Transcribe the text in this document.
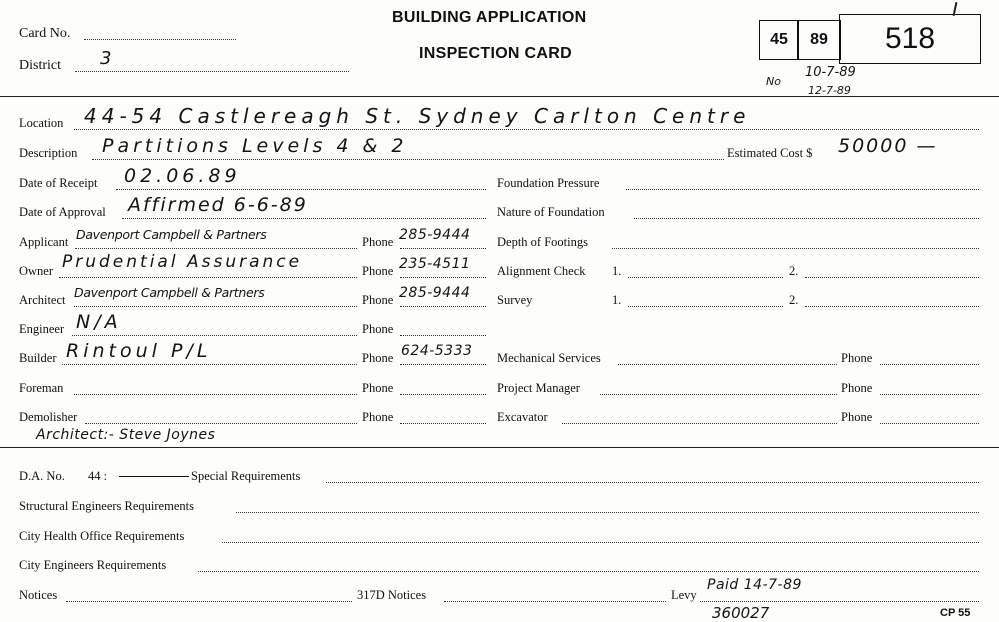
Card No.
District 3
BUILDING APPLICATION
INSPECTION CARD
45	89	518
No
10-7-89
12-7-89
Location 44-54 Castlereagh St. Sydney Carlton Centre
Description Partitions Levels 4 & 2	Estimated Cost $ 50000 —
Date of Receipt 02.06.89
Date of Approval Affirmed 6-6-89
Applicant Davenport Campbell & Partners	Phone 285-9444
Owner Prudential Assurance	Phone 235-4511
Architect Davenport Campbell & Partners	Phone 285-9444
Engineer N/A	Phone
Builder Rintoul P/L	Phone 624-5333
Foreman	Phone
Demolisher	Phone
Architect:- Steve Joynes
Foundation Pressure
Nature of Foundation
Depth of Footings
Alignment Check 1.	2.
Survey	1.	2.
Mechanical Services	Phone
Project Manager	Phone
Excavator	Phone
D.A. No. 44 :	Special Requirements
Structural Engineers Requirements
City Health Office Requirements
City Engineers Requirements
Notices	317D Notices	Levy
Paid 14-7-89
360027	CP 55
